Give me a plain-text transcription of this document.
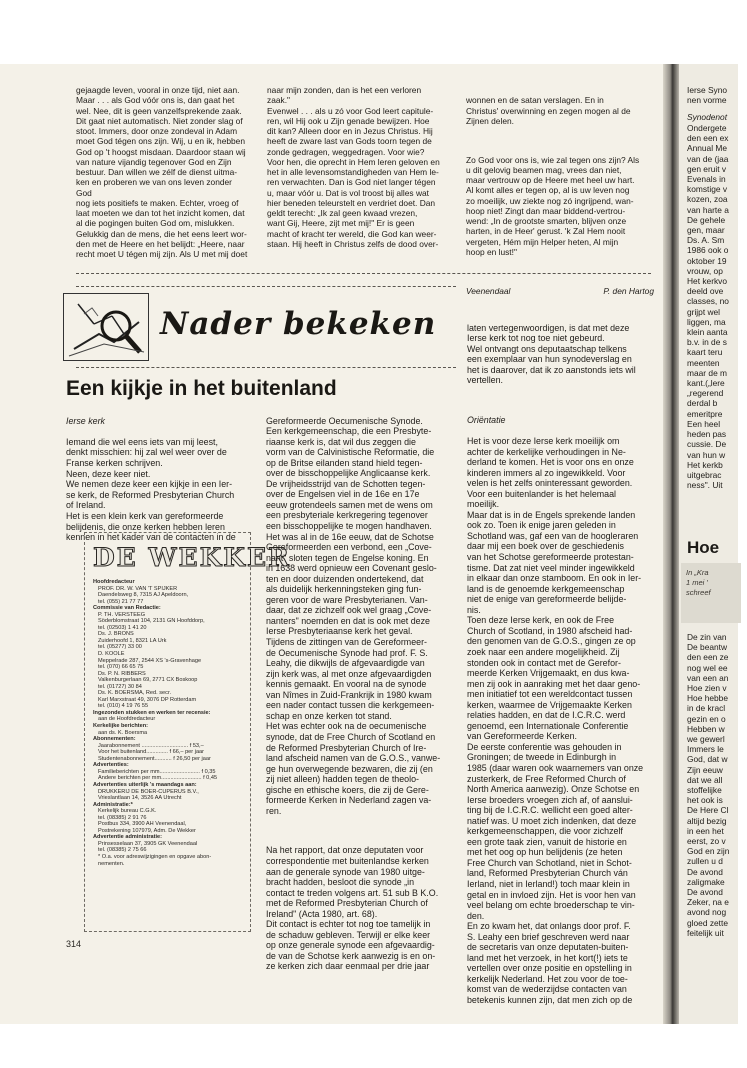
gejaagde leven, vooral in onze tijd, niet aan.
Maar . . . als God vóór ons is, dan gaat het
wel. Nee, dit is geen vanzelfsprekende zaak.
Dit gaat niet automatisch. Niet zonder slag of
stoot. Immers, door onze zondeval in Adam
moet God tégen ons zijn. Wij, u en ik, hebben
God op 't hoogst misdaan. Daardoor staan wij
van nature vijandig tegenover God en Zijn
bestuur. Dan willen we zélf de dienst uitma-
ken en proberen we van ons leven zonder God
nog iets positiefs te maken. Echter, vroeg of
laat moeten we dan tot het inzicht komen, dat
al die pogingen buiten God om, mislukken.
Gelukkig dan de mens, die het eens leert wor-
den met de Heere en het belijdt: „Heere, naar
recht moet U tégen mij zijn. Als U met mij doet
naar mijn zonden, dan is het een verloren
zaak."
Evenwel . . . als u zó voor God leert capitule-
ren, wil Hij ook u Zijn genade bewijzen. Hoe
dit kan? Alleen door en in Jezus Christus. Hij
heeft de zware last van Gods toorn tegen de
zonde gedragen, weggedragen. Voor wie?
Voor hen, die oprecht in Hem leren geloven en
het in alle levensomstandigheden van Hem le-
ren verwachten. Dan is God niet langer tégen
u, maar vóór u. Dat is vol troost bij alles wat
hier beneden teleurstelt en verdriet doet. Dan
geldt terecht: „Ik zal geen kwaad vrezen,
want Gij, Heere, zijt met mij!" Er is geen
macht of kracht ter wereld, die God kan weer-
staan. Hij heeft in Christus zelfs de dood over-

wonnen en de satan verslagen. En in
Christus' overwinning en zegen mogen al de
Zijnen delen.

Zo God voor ons is, wie zal tegen ons zijn? Als
u dit gelovig beamen mag, vrees dan niet,
maar vertrouw op de Heere met heel uw hart.
Al komt alles er tegen op, al is uw leven nog
zo moeilijk, uw ziekte nog zó ingrijpend, wan-
hoop niet! Zingt dan maar biddend-vertrou-
wend: „In de grootste smarten, blijven onze
harten, in de Heer' gerust. 'k Zal Hem nooit
vergeten, Hém mijn Helper heten, Al mijn
hoop en lust!"

Veenendaal	P. den Hartog

Nader bekeken
Een kijkje in het buitenland

Ierse kerk

Iemand die wel eens iets van mij leest,
denkt misschien: hij zal wel weer over de
Franse kerken schrijven.
Neen, deze keer niet.
We nemen deze keer een kijkje in een Ier-
se kerk, de Reformed Presbyterian Church
of Ireland.
Het is een klein kerk van gereformeerde
belijdenis, die onze kerken hebben leren
kennen in het kader van de contacten in de

DE WEKKER
Hoofdredacteur
PROF. DR. W. VAN 'T SPIJKER
Daendelsweg 8, 7315 AJ Apeldoorn,
tel. (055) 21 77 77
Commissie van Redactie:
P. TH. VERSTEEG
Söderblomstraat 104, 2131 GN Hoofddorp,
tel. (02503) 1 41 20
Ds. J. BRONS
Zuiderhoofd 1, 8321 LA Urk
tel. (05277) 33 00
D. KOOLE
Meppelrade 287, 2544 XS 's-Gravenhage
tel. (070) 66 65 75
Ds. P. N. RIBBERS
Valkenburgerlaan 69, 2771 CX Boskoop
tel. (01727) 30 84
Ds. K. BOERSMA, Red. secr.
Karl Marxstraat 49, 3076 DP Rotterdam
tel. (010) 4 19 76 55
Ingezonden stukken en werken ter recensie:
aan de Hoofdredacteur
Kerkelijke berichten:
aan ds. K. Boersma
Abonnementen:
Jaarabonnement .............................. f 53,–
Voor het buitenland.............. f 66,– per jaar
Studentenabonnement........... f 26,50 per jaar
Advertenties:
Familieberichten per mm.......................... f 0,35
Andere berichten per mm.......................... f 0,45
Advertenties uiterlijk 's maandags aan:
DRUKKERIJ DE BOER-CUPERUS B.V.,
Vrieslantlaan 14, 3526 AA Utrecht
Administratie:*
Kerkelijk bureau C.G.K.
tel. (08385) 2 91 76
Postbus 334, 3900 AH Veenendaal,
Postrekening 107979, Adm. De Wekker
Advertentie administratie:
Prinsesselaan 37, 3905 GK Veenendaal
tel. (08385) 2 75 66
* O.a. voor adreswijzigingen en opgave abon-
nementen.

Gereformeerde Oecumenische Synode.
Een kerkgemeenschap, die een Presbyte-
riaanse kerk is, dat wil dus zeggen die
vorm van de Calvinistische Reformatie, die
op de Britse eilanden stand hield tegen-
over de bisschoppelijke Anglicaanse kerk.
De vrijheidsstrijd van de Schotten tegen-
over de Engelsen viel in de 16e en 17e
eeuw grotendeels samen met de wens om
een presbyteriale kerkregering tegenover
een bisschoppelijke te mogen handhaven.
Het was al in de 16e eeuw, dat de Schotse
Gereformeerden een verbond, een „Cove-
nant" sloten tegen de Engelse koning. En
in 1638 werd opnieuw een Covenant geslo-
ten en door duizenden ondertekend, dat
als duidelijk herkenningsteken ging fun-
geren voor de ware Presbyterianen. Van-
daar, dat ze zichzelf ook wel graag „Cove-
nanters" noemden en dat is ook met deze
Ierse Presbyteriaanse kerk het geval.
Tijdens de zittingen van de Gereformeer-
de Oecumenische Synode had prof. F. S.
Leahy, die dikwijls de afgevaardigde van
zijn kerk was, al met onze afgevaardigden
kennis gemaakt. En vooral na de synode
van Nîmes in Zuid-Frankrijk in 1980 kwam
een nader contact tussen die kerkgemeen-
schap en onze kerken tot stand.
Het was echter ook na de oecumenische
synode, dat de Free Church of Scotland en
de Reformed Presbyterian Church of Ire-
land afscheid namen van de G.O.S., vanwe-
ge hun overwegende bezwaren, die zij (en
zij niet alleen) hadden tegen de theolo-
gische en ethische koers, die zij de Gere-
formeerde Kerken in Nederland zagen va-
ren.

Na het rapport, dat onze deputaten voor
correspondentie met buitenlandse kerken
aan de generale synode van 1980 uitge-
bracht hadden, besloot die synode „in
contact te treden volgens art. 51 sub B K.O.
met de Reformed Presbyterian Church of
Ireland" (Acta 1980, art. 68).
Dit contact is echter tot nog toe tamelijk in
de schaduw gebleven. Terwijl er elke keer
op onze generale synode een afgevaardig-
de van de Schotse kerk aanwezig is en on-
ze kerken zich daar eenmaal per drie jaar

laten vertegenwoordigen, is dat met deze
Ierse kerk tot nog toe niet gebeurd.
Wel ontvangt ons deputaatschap telkens
een exemplaar van hun synodeverslag en
het is daarover, dat ik zo aanstonds iets wil
vertellen.

Oriëntatie

Het is voor deze Ierse kerk moeilijk om
achter de kerkelijke verhoudingen in Ne-
derland te komen. Het is voor ons en onze
kinderen immers al zo ingewikkeld. Voor
velen is het zelfs oninteressant geworden.
Voor een buitenlander is het helemaal
moeilijk.
Maar dat is in de Engels sprekende landen
ook zo. Toen ik enige jaren geleden in
Schotland was, gaf een van de hoogleraren
daar mij een boek over de geschiedenis
van het Schotse gereformeerde protestan-
tisme. Dat zat niet veel minder ingewikkeld
in elkaar dan onze stamboom. En ook in Ier-
land is de genoemde kerkgemeenschap
niet de enige van gereformeerde belijde-
nis.
Toen deze Ierse kerk, en ook de Free
Church of Scotland, in 1980 afscheid had-
den genomen van de G.O.S., gingen ze op
zoek naar een andere mogelijkheid. Zij
stonden ook in contact met de Gerefor-
meerde Kerken Vrijgemaakt, en dus kwa-
men zij ook in aanraking met het daar geno-
men initiatief tot een wereldcontact tussen
kerken, waarmee de Vrijgemaakte Kerken
relaties hadden, en dat de I.C.R.C. werd
genoemd, een Internationale Conferentie
van Gereformeerde Kerken.
De eerste conferentie was gehouden in
Groningen; de tweede in Edinburgh in
1985 (daar waren ook waarnemers van onze
zusterkerk, de Free Reformed Church of
North America aanwezig). Onze Schotse en
Ierse broeders vroegen zich af, of aanslui-
ting bij de I.C.R.C. wellicht een goed alter-
natief was. U moet zich indenken, dat deze
kerkgemeenschappen, die voor zichzelf
een grote taak zien, vanuit de historie en
met het oog op hun belijdenis (ze heten
Free Church van Schotland, niet in Schot-
land, Reformed Presbyterian Church ván
Ierland, niet in Ierland!) toch maar klein in
getal en in invloed zijn. Het is voor hen van
veel belang om echte broederschap te vin-
den.
En zo kwam het, dat onlangs door prof. F.
S. Leahy een brief geschreven werd naar
de secretaris van onze deputaten-buiten-
land met het verzoek, in het kort(!) iets te
vertellen over onze positie en opstelling in
kerkelijk Nederland. Het zou voor de toe-
komst van de wederzijdse contacten van
betekenis kunnen zijn, dat men zich op de

314
Ierse Syno
nen vorme
Synodenot
Ondergete
den een ex
Annual Me
van de (jaa
gen eruit v
Evenals in
komstige v
kozen, zoa
van harte a
De gehele
gen, maar
Ds. A. Sm
1986 ook o
oktober 19
vrouw, op
Het kerkvo
deeld ove
classes, no
grijpt wel
liggen, ma
klein aanta
b.v. in de s
kaart teru
meenten
maar de m
kant.(„lere
„regerend
derdal b
emeritpre
Een heel
heden pas
cussie. De
van hun w
Het kerkb
uitgebrac
ness". Uit
Hoe
In „Kra
1 mei '
schreef
De zin van
De beantw
den een ze
nog wel ee
van een an
Hoe zien v
Hoe hebbe
in de kracl
gezin en o
Hebben w
we gewerl
Immers le
God, dat w
Zijn eeuw
dat we all
stoffelijke
het ook is
De Here Cl
altijd bezig
in een het
eerst, zo v
God en zijn
zullen u d
De avond
zaligmake
De avond
Zeker, na e
avond nog
gloed zette
feitelijk uit
